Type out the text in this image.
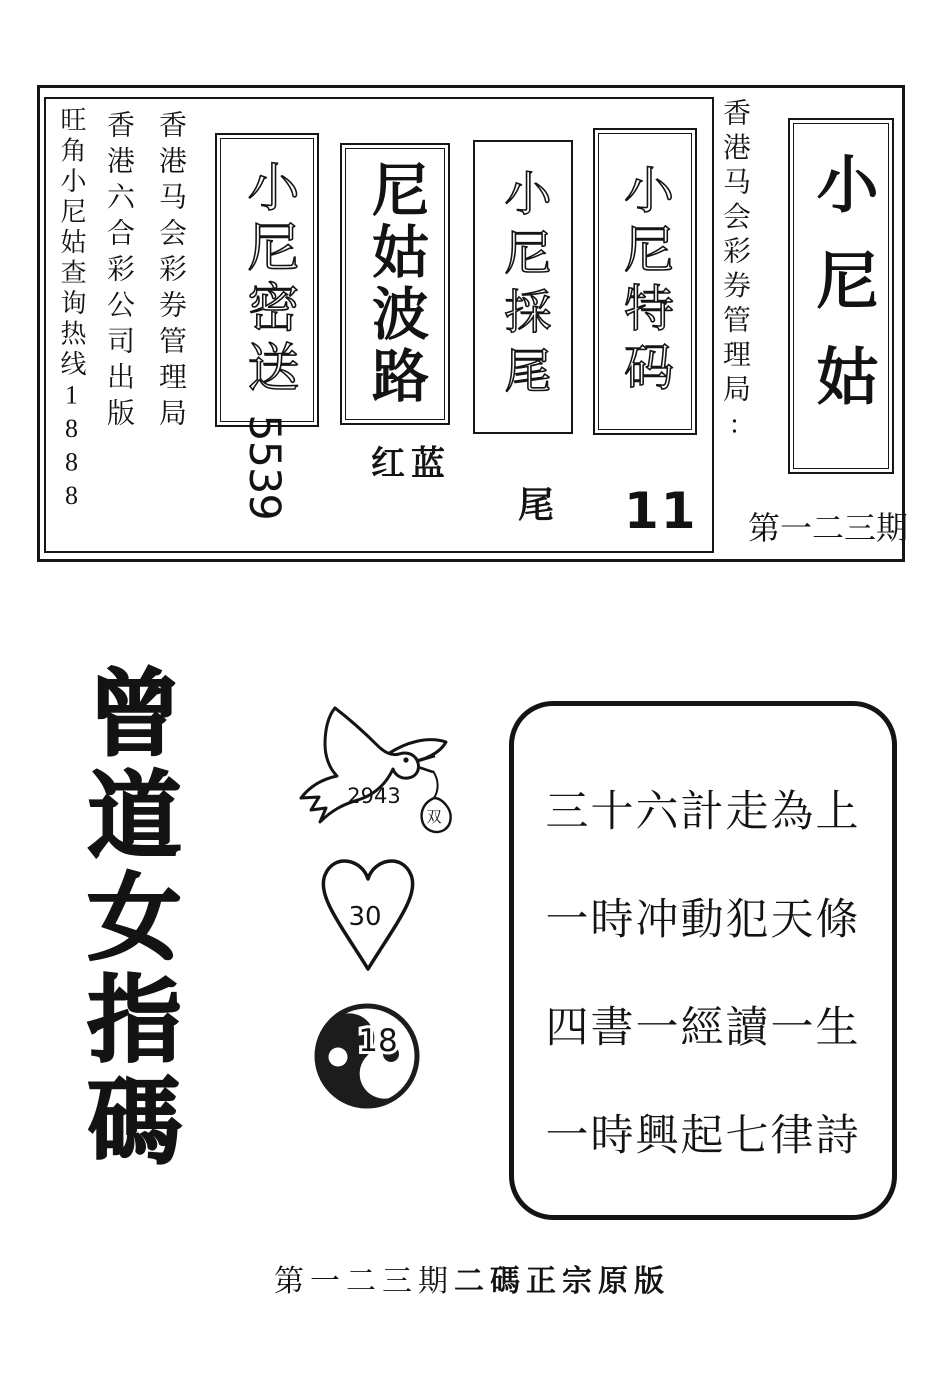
旺角小尼姑查询热线1888 香港六合彩公司出版 香港马会彩券管理局 小尼密送
5539
尼姑波路
红蓝
小尼採尾
尾
小尼特码
11
香港马会彩券管理局: 小尼姑
第一二三期
曾道女指碼	双
2943
30
18
三十六計走為上
一時冲動犯天條
四書一經讀一生
一時興起七律詩
第一二三期二碼正宗原版
